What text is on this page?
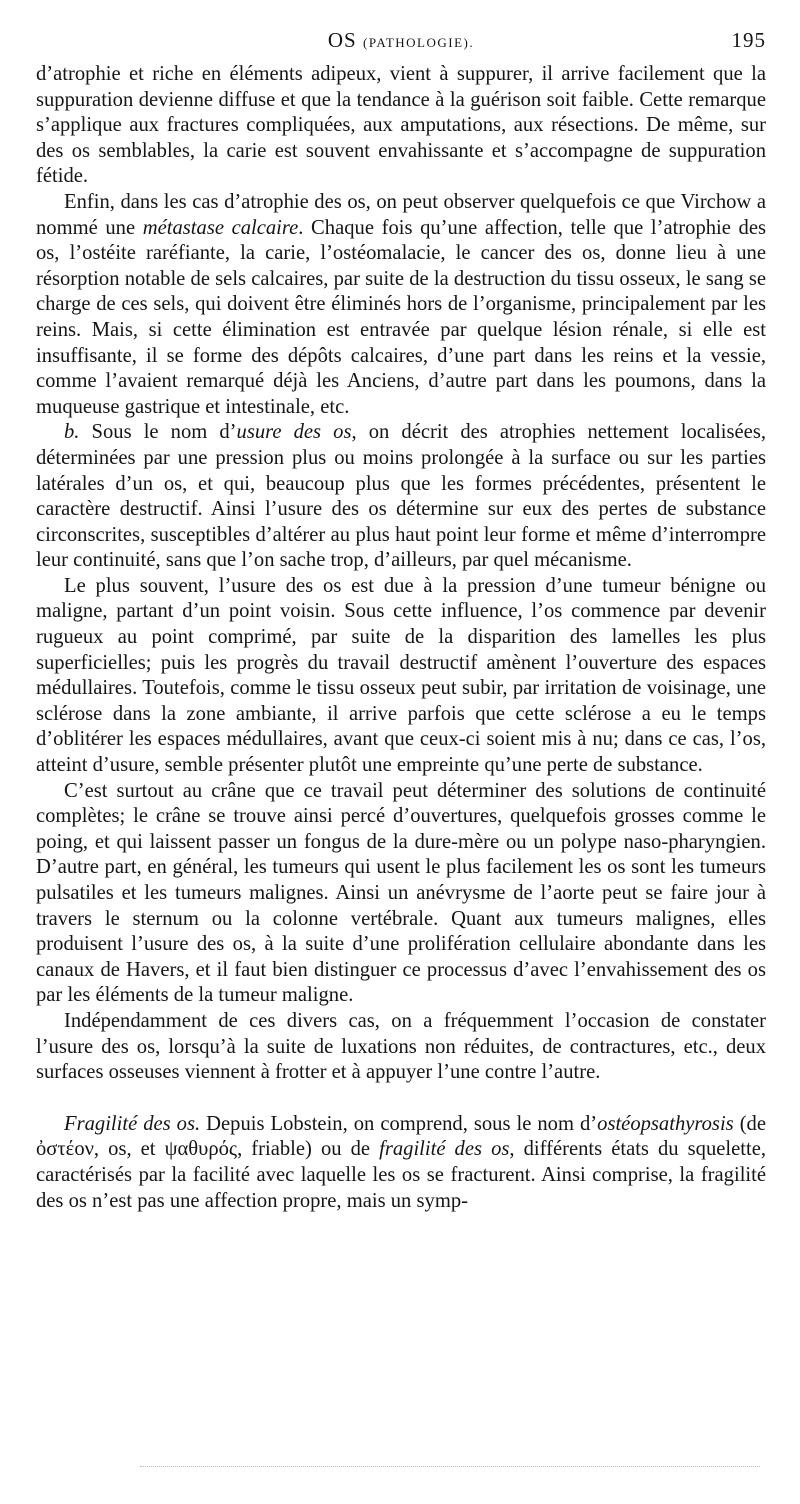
OS (PATHOLOGIE).	195

d’atrophie et riche en éléments adipeux, vient à suppurer, il arrive facilement que la suppuration devienne diffuse et que la tendance à la guérison soit faible. Cette remarque s’applique aux fractures compliquées, aux amputations, aux résections. De même, sur des os semblables, la carie est souvent envahissante et s’accompagne de suppuration fétide.

Enfin, dans les cas d’atrophie des os, on peut observer quelquefois ce que Virchow a nommé une métastase calcaire. Chaque fois qu’une affection, telle que l’atrophie des os, l’ostéite raréfiante, la carie, l’ostéomalacie, le cancer des os, donne lieu à une résorption notable de sels calcaires, par suite de la destruction du tissu osseux, le sang se charge de ces sels, qui doivent être éliminés hors de l’organisme, principalement par les reins. Mais, si cette élimination est entravée par quelque lésion rénale, si elle est insuffisante, il se forme des dépôts calcaires, d’une part dans les reins et la vessie, comme l’avaient remarqué déjà les Anciens, d’autre part dans les poumons, dans la muqueuse gastrique et intestinale, etc.

b. Sous le nom d’usure des os, on décrit des atrophies nettement localisées, déterminées par une pression plus ou moins prolongée à la surface ou sur les parties latérales d’un os, et qui, beaucoup plus que les formes précédentes, présentent le caractère destructif. Ainsi l’usure des os détermine sur eux des pertes de substance circonscrites, susceptibles d’altérer au plus haut point leur forme et même d’interrompre leur continuité, sans que l’on sache trop, d’ailleurs, par quel mécanisme.

Le plus souvent, l’usure des os est due à la pression d’une tumeur bénigne ou maligne, partant d’un point voisin. Sous cette influence, l’os commence par devenir rugueux au point comprimé, par suite de la disparition des lamelles les plus superficielles; puis les progrès du travail destructif amènent l’ouverture des espaces médullaires. Toutefois, comme le tissu osseux peut subir, par irritation de voisinage, une sclérose dans la zone ambiante, il arrive parfois que cette sclérose a eu le temps d’oblitérer les espaces médullaires, avant que ceux-ci soient mis à nu; dans ce cas, l’os, atteint d’usure, semble présenter plutôt une empreinte qu’une perte de substance.

C’est surtout au crâne que ce travail peut déterminer des solutions de continuité complètes; le crâne se trouve ainsi percé d’ouvertures, quelquefois grosses comme le poing, et qui laissent passer un fongus de la dure-mère ou un polype naso-pharyngien. D’autre part, en général, les tumeurs qui usent le plus facilement les os sont les tumeurs pulsatiles et les tumeurs malignes. Ainsi un anévrysme de l’aorte peut se faire jour à travers le sternum ou la colonne vertébrale. Quant aux tumeurs malignes, elles produisent l’usure des os, à la suite d’une prolifération cellulaire abondante dans les canaux de Havers, et il faut bien distinguer ce processus d’avec l’envahissement des os par les éléments de la tumeur maligne.

Indépendamment de ces divers cas, on a fréquemment l’occasion de constater l’usure des os, lorsqu’à la suite de luxations non réduites, de contractures, etc., deux surfaces osseuses viennent à frotter et à appuyer l’une contre l’autre.

Fragilité des os. Depuis Lobstein, on comprend, sous le nom d’ostéopsathyrosis (de ὀστέον, os, et ψαθυρός, friable) ou de fragilité des os, différents états du squelette, caractérisés par la facilité avec laquelle les os se fracturent. Ainsi comprise, la fragilité des os n’est pas une affection propre, mais un symp-
